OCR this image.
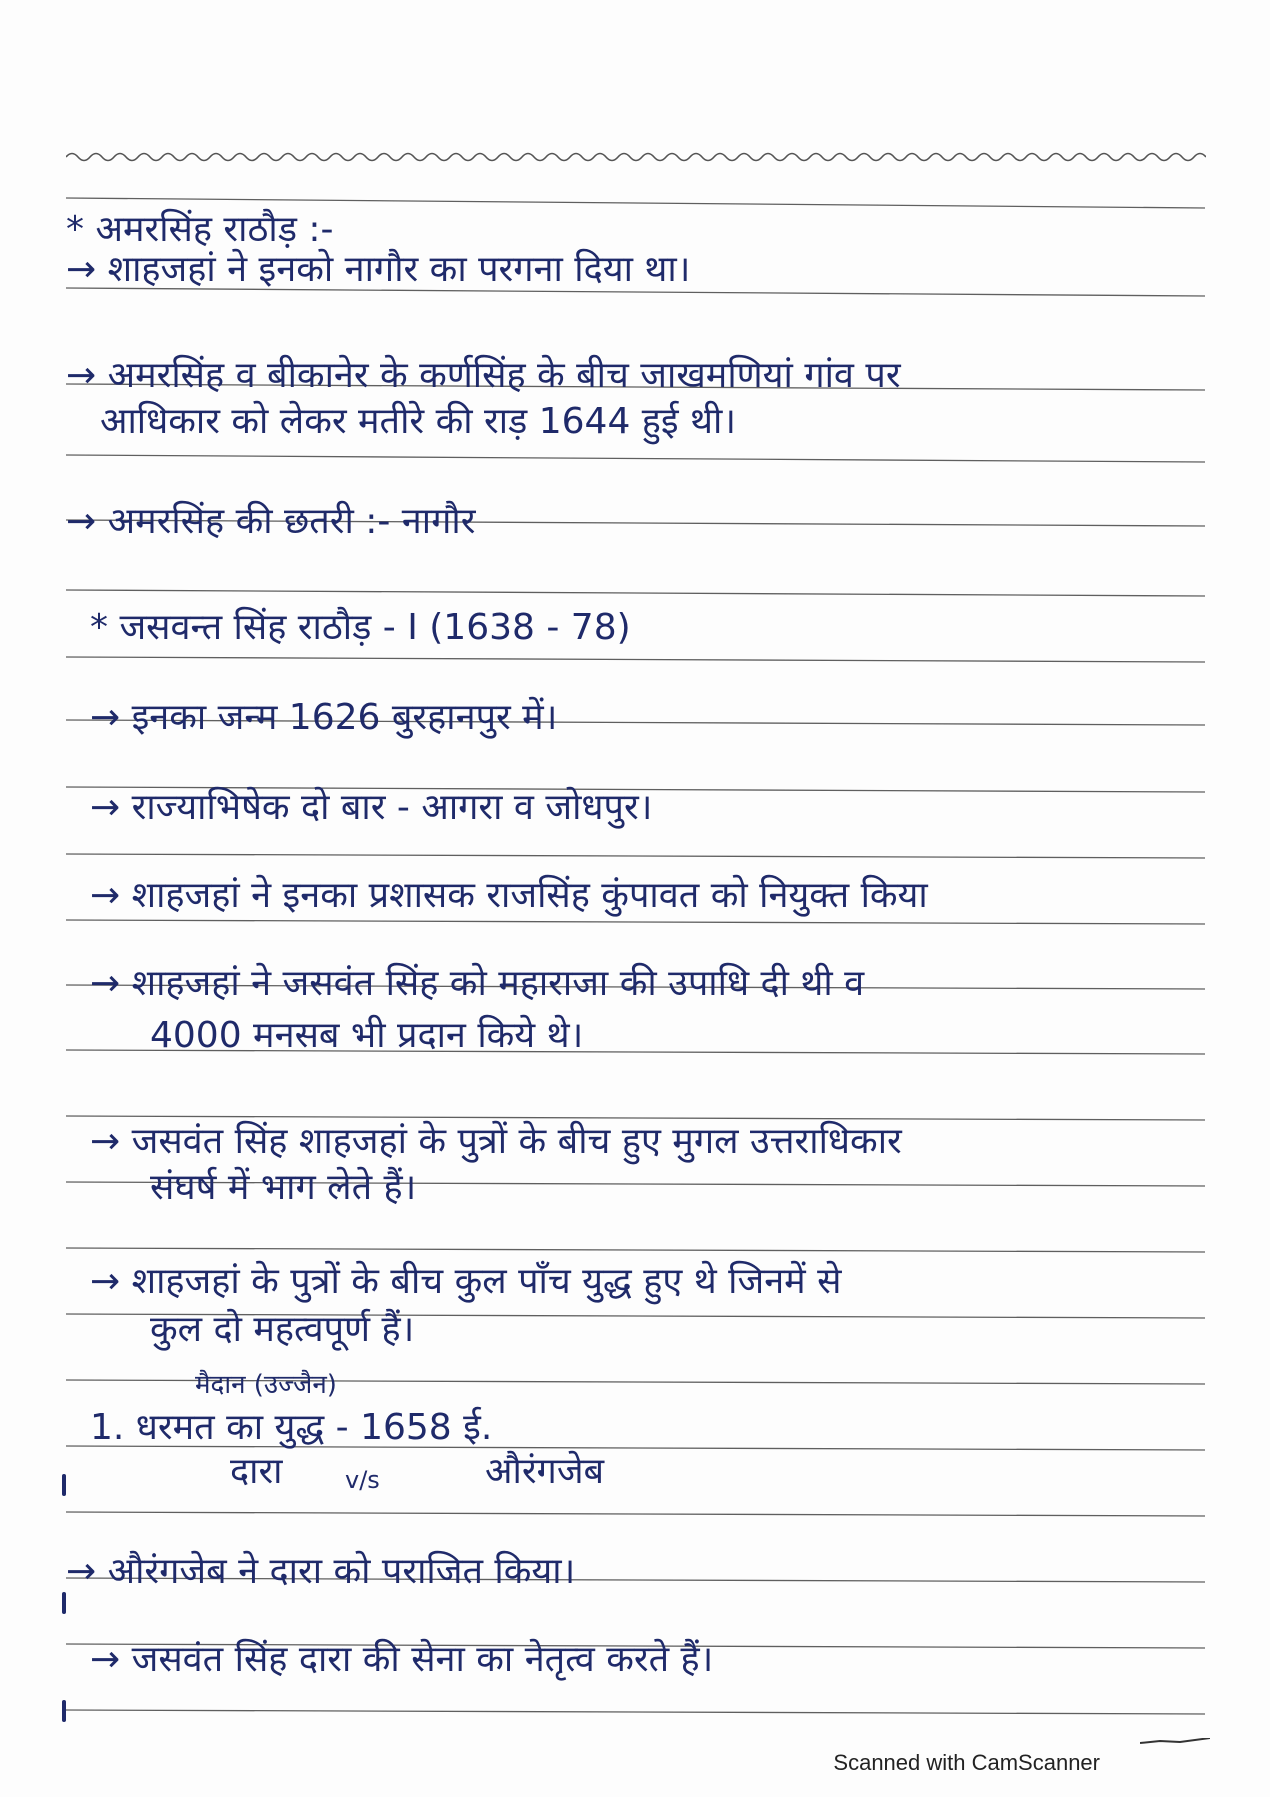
* अमरसिंह राठौड़ :-
→ शाहजहां ने इनको नागौर का परगना दिया था।
→ अमरसिंह व बीकानेर के कर्णसिंह के बीच जाखमणियां गांव पर
आधिकार को लेकर मतीरे की राड़ 1644 हुई थी।
→ अमरसिंह की छतरी :- नागौर
* जसवन्त सिंह राठौड़ - I (1638 - 78)
→ इनका जन्म 1626 बुरहानपुर में।
→ राज्याभिषेक दो बार - आगरा व जोधपुर।
→ शाहजहां ने इनका प्रशासक राजसिंह कुंपावत को नियुक्त किया
→ शाहजहां ने जसवंत सिंह को महाराजा की उपाधि दी थी व
4000 मनसब भी प्रदान किये थे।
→ जसवंत सिंह शाहजहां के पुत्रों के बीच हुए मुगल उत्तराधिकार
संघर्ष में भाग लेते हैं।
→ शाहजहां के पुत्रों के बीच कुल पॉंच युद्ध हुए थे जिनमें से
कुल दो महत्वपूर्ण हैं।
मैदान (उज्जैन)
1. धरमत का युद्ध - 1658 ई.
दारा	v/s	औरंगजेब
→ औरंगजेब ने दारा को पराजित किया।
→ जसवंत सिंह दारा की सेना का नेतृत्व करते हैं।
Scanned with CamScanner
